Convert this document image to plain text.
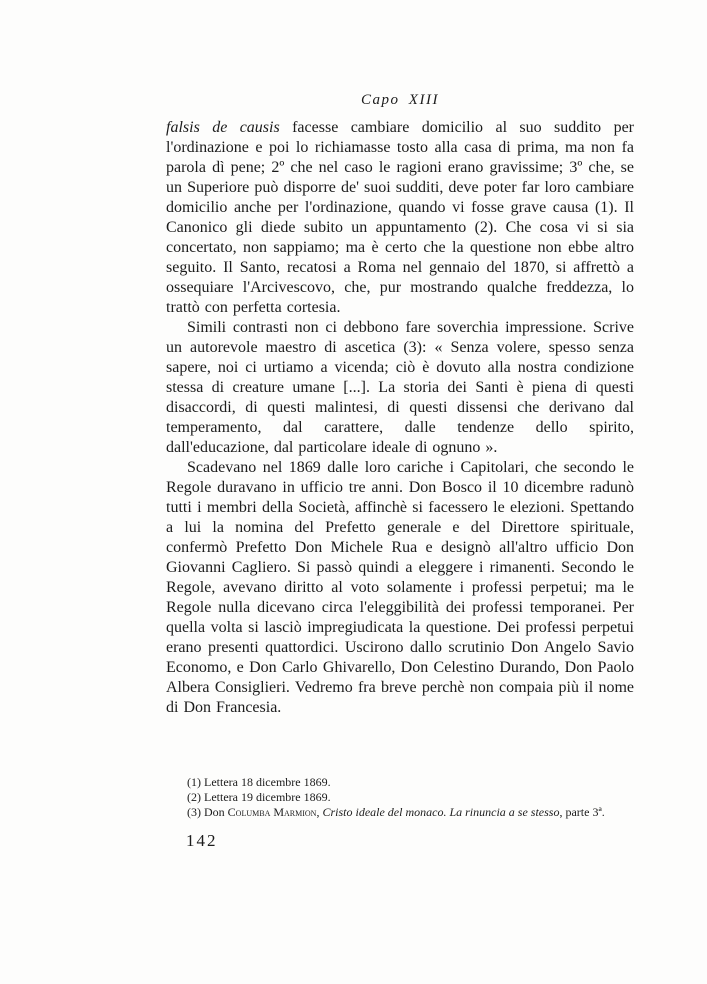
Capo XIII

falsis de causis facesse cambiare domicilio al suo suddito per l'ordinazione e poi lo richiamasse tosto alla casa di prima, ma non fa parola dì pene; 2º che nel caso le ragioni erano gravissime; 3º che, se un Superiore può disporre de' suoi sudditi, deve poter far loro cambiare domicilio anche per l'ordinazione, quando vi fosse grave causa (1). Il Canonico gli diede subito un appuntamento (2). Che cosa vi si sia concertato, non sappiamo; ma è certo che la questione non ebbe altro seguito. Il Santo, recatosi a Roma nel gennaio del 1870, si affrettò a ossequiare l'Arcivescovo, che, pur mostrando qualche freddezza, lo trattò con perfetta cortesia.

Simili contrasti non ci debbono fare soverchia impressione. Scrive un autorevole maestro di ascetica (3): « Senza volere, spesso senza sapere, noi ci urtiamo a vicenda; ciò è dovuto alla nostra condizione stessa di creature umane [...]. La storia dei Santi è piena di questi disaccordi, di questi malintesi, di questi dissensi che derivano dal temperamento, dal carattere, dalle tendenze dello spirito, dall'educazione, dal particolare ideale di ognuno ».

Scadevano nel 1869 dalle loro cariche i Capitolari, che secondo le Regole duravano in ufficio tre anni. Don Bosco il 10 dicembre radunò tutti i membri della Società, affinchè si facessero le elezioni. Spettando a lui la nomina del Prefetto generale e del Direttore spirituale, confermò Prefetto Don Michele Rua e designò all'altro ufficio Don Giovanni Cagliero. Si passò quindi a eleggere i rimanenti. Secondo le Regole, avevano diritto al voto solamente i professi perpetui; ma le Regole nulla dicevano circa l'eleggibilità dei professi temporanei. Per quella volta si lasciò impregiudicata la questione. Dei professi perpetui erano presenti quattordici. Uscirono dallo scrutinio Don Angelo Savio Economo, e Don Carlo Ghivarello, Don Celestino Durando, Don Paolo Albera Consiglieri. Vedremo fra breve perchè non compaia più il nome di Don Francesia.

(1) Lettera 18 dicembre 1869.
(2) Lettera 19 dicembre 1869.
(3) Don Columba Marmion, Cristo ideale del monaco. La rinuncia a se stesso, parte 3ª.
142
